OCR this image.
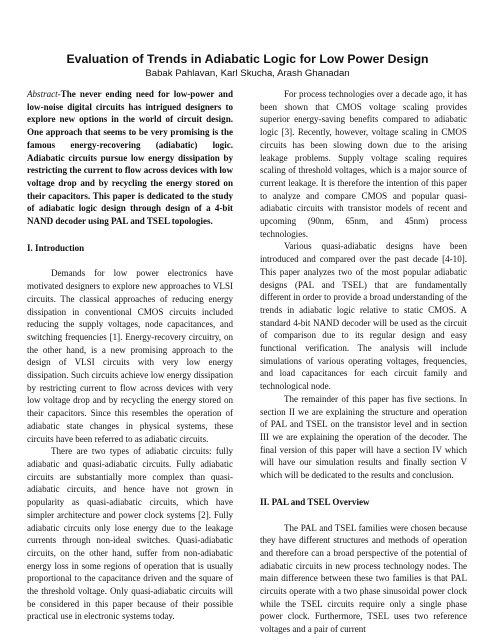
Evaluation of Trends in Adiabatic Logic for Low Power Design
Babak Pahlavan, Karl Skucha, Arash Ghanadan

Abstract-The never ending need for low-power and low-noise digital circuits has intrigued designers to explore new options in the world of circuit design. One approach that seems to be very promising is the famous energy-recovering (adiabatic) logic. Adiabatic circuits pursue low energy dissipation by restricting the current to flow across devices with low voltage drop and by recycling the energy stored on their capacitors. This paper is dedicated to the study of adiabatic logic design through design of a 4-bit NAND decoder using PAL and TSEL topologies.

I. Introduction

Demands for low power electronics have motivated designers to explore new approaches to VLSI circuits. The classical approaches of reducing energy dissipation in conventional CMOS circuits included reducing the supply voltages, node capacitances, and switching frequencies [1]. Energy-recovery circuitry, on the other hand, is a new promising approach to the design of VLSI circuits with very low energy dissipation. Such circuits achieve low energy dissipation by restricting current to flow across devices with very low voltage drop and by recycling the energy stored on their capacitors. Since this resembles the operation of adiabatic state changes in physical systems, these circuits have been referred to as adiabatic circuits.

There are two types of adiabatic circuits: fully adiabatic and quasi-adiabatic circuits. Fully adiabatic circuits are substantially more complex than quasi-adiabatic circuits, and hence have not grown in popularity as quasi-adiabatic circuits, which have simpler architecture and power clock systems [2]. Fully adiabatic circuits only lose energy due to the leakage currents through non-ideal switches. Quasi-adiabatic circuits, on the other hand, suffer from non-adiabatic energy loss in some regions of operation that is usually proportional to the capacitance driven and the square of the threshold voltage. Only quasi-adiabatic circuits will be considered in this paper because of their possible practical use in electronic systems today.

For process technologies over a decade ago, it has been shown that CMOS voltage scaling provides superior energy-saving benefits compared to adiabatic logic [3]. Recently, however, voltage scaling in CMOS circuits has been slowing down due to the arising leakage problems. Supply voltage scaling requires scaling of threshold voltages, which is a major source of current leakage. It is therefore the intention of this paper to analyze and compare CMOS and popular quasi-adiabatic circuits with transistor models of recent and upcoming (90nm, 65nm, and 45nm) process technologies.

Various quasi-adiabatic designs have been introduced and compared over the past decade [4-10]. This paper analyzes two of the most popular adiabatic designs (PAL and TSEL) that are fundamentally different in order to provide a broad understanding of the trends in adiabatic logic relative to static CMOS. A standard 4-bit NAND decoder will be used as the circuit of comparison due to its regular design and easy functional verification. The analysis will include simulations of various operating voltages, frequencies, and load capacitances for each circuit family and technological node.

The remainder of this paper has five sections. In section II we are explaining the structure and operation of PAL and TSEL on the transistor level and in section III we are explaining the operation of the decoder. The final version of this paper will have a section IV which will have our simulation results and finally section V which will be dedicated to the results and conclusion.

II. PAL and TSEL Overview

The PAL and TSEL families were chosen because they have different structures and methods of operation and therefore can a broad perspective of the potential of adiabatic circuits in new process technology nodes. The main difference between these two families is that PAL circuits operate with a two phase sinusoidal power clock while the TSEL circuits require only a single phase power clock. Furthermore, TSEL uses two reference voltages and a pair of current
